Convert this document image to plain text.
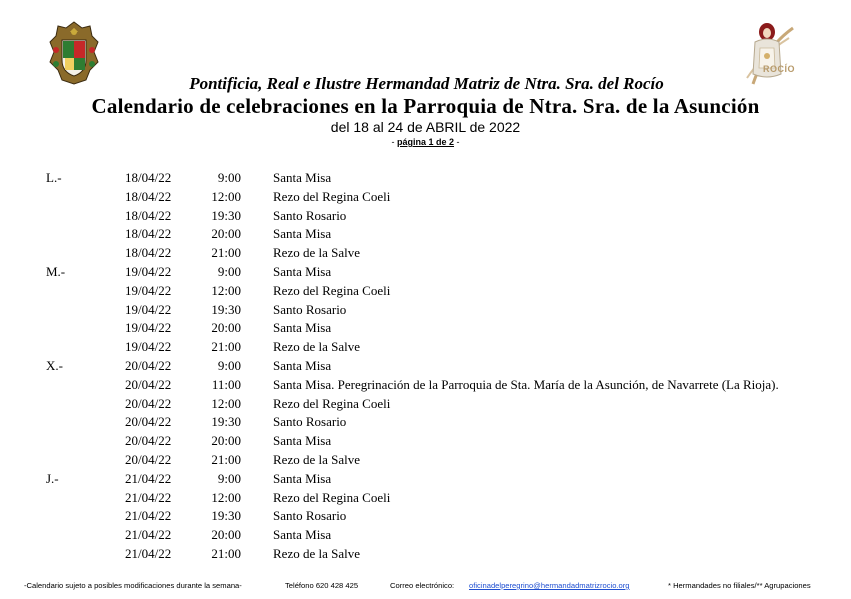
ROCÍO
Pontificia, Real e Ilustre Hermandad Matriz de Ntra. Sra. del Rocío
Calendario de celebraciones en la Parroquia de Ntra. Sra. de la Asunción
del 18 al 24 de ABRIL de 2022
- página 1 de 2 -
L.-	18/04/22	9:00 Santa Misa
18/04/22	12:00 Rezo del Regina Coeli
18/04/22	19:30 Santo Rosario
18/04/22	20:00 Santa Misa
18/04/22	21:00 Rezo de la Salve
M.-	19/04/22	9:00 Santa Misa
19/04/22	12:00 Rezo del Regina Coeli
19/04/22	19:30 Santo Rosario
19/04/22	20:00 Santa Misa
19/04/22	21:00 Rezo de la Salve
X.-	20/04/22	9:00 Santa Misa
20/04/22	11:00 Santa Misa. Peregrinación de la Parroquia de Sta. María de la Asunción, de Navarrete (La Rioja).
20/04/22	12:00 Rezo del Regina Coeli
20/04/22	19:30 Santo Rosario
20/04/22	20:00 Santa Misa
20/04/22	21:00 Rezo de la Salve
J.-	21/04/22	9:00 Santa Misa
21/04/22	12:00 Rezo del Regina Coeli
21/04/22	19:30 Santo Rosario
21/04/22	20:00 Santa Misa
21/04/22	21:00 Rezo de la Salve
-Calendario sujeto a posibles modificaciones durante la semana-	Teléfono 620 428 425	Correo electrónico: oficinadelperegrino@hermandadmatrizrocio.org	* Hermandades no filiales/** Agrupaciones
